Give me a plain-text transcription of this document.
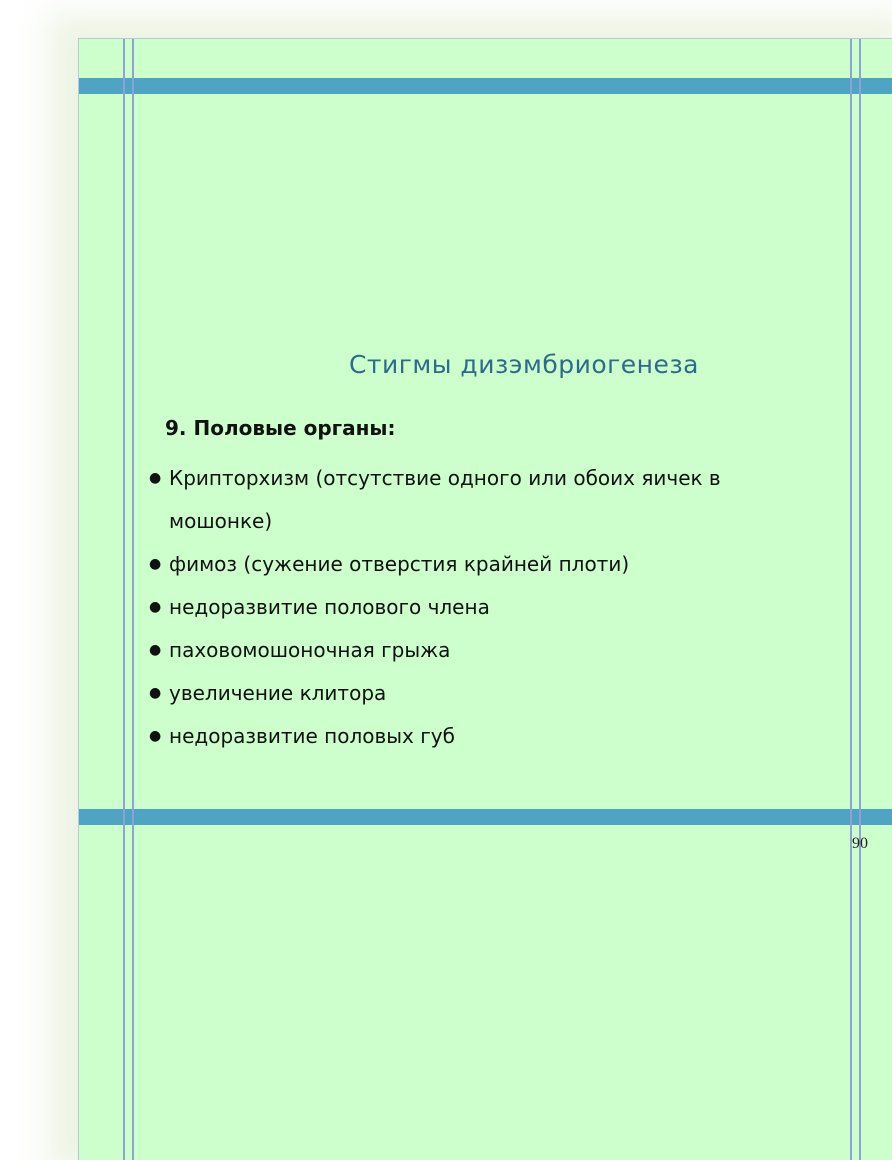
Стигмы дизэмбриогенеза
9. Половые органы:
● Крипторхизм (отсутствие одного или обоих яичек в мошонке)
● фимоз (сужение отверстия крайней плоти)
● недоразвитие полового члена
● паховомошоночная грыжа
● увеличение клитора
● недоразвитие половых губ
90
